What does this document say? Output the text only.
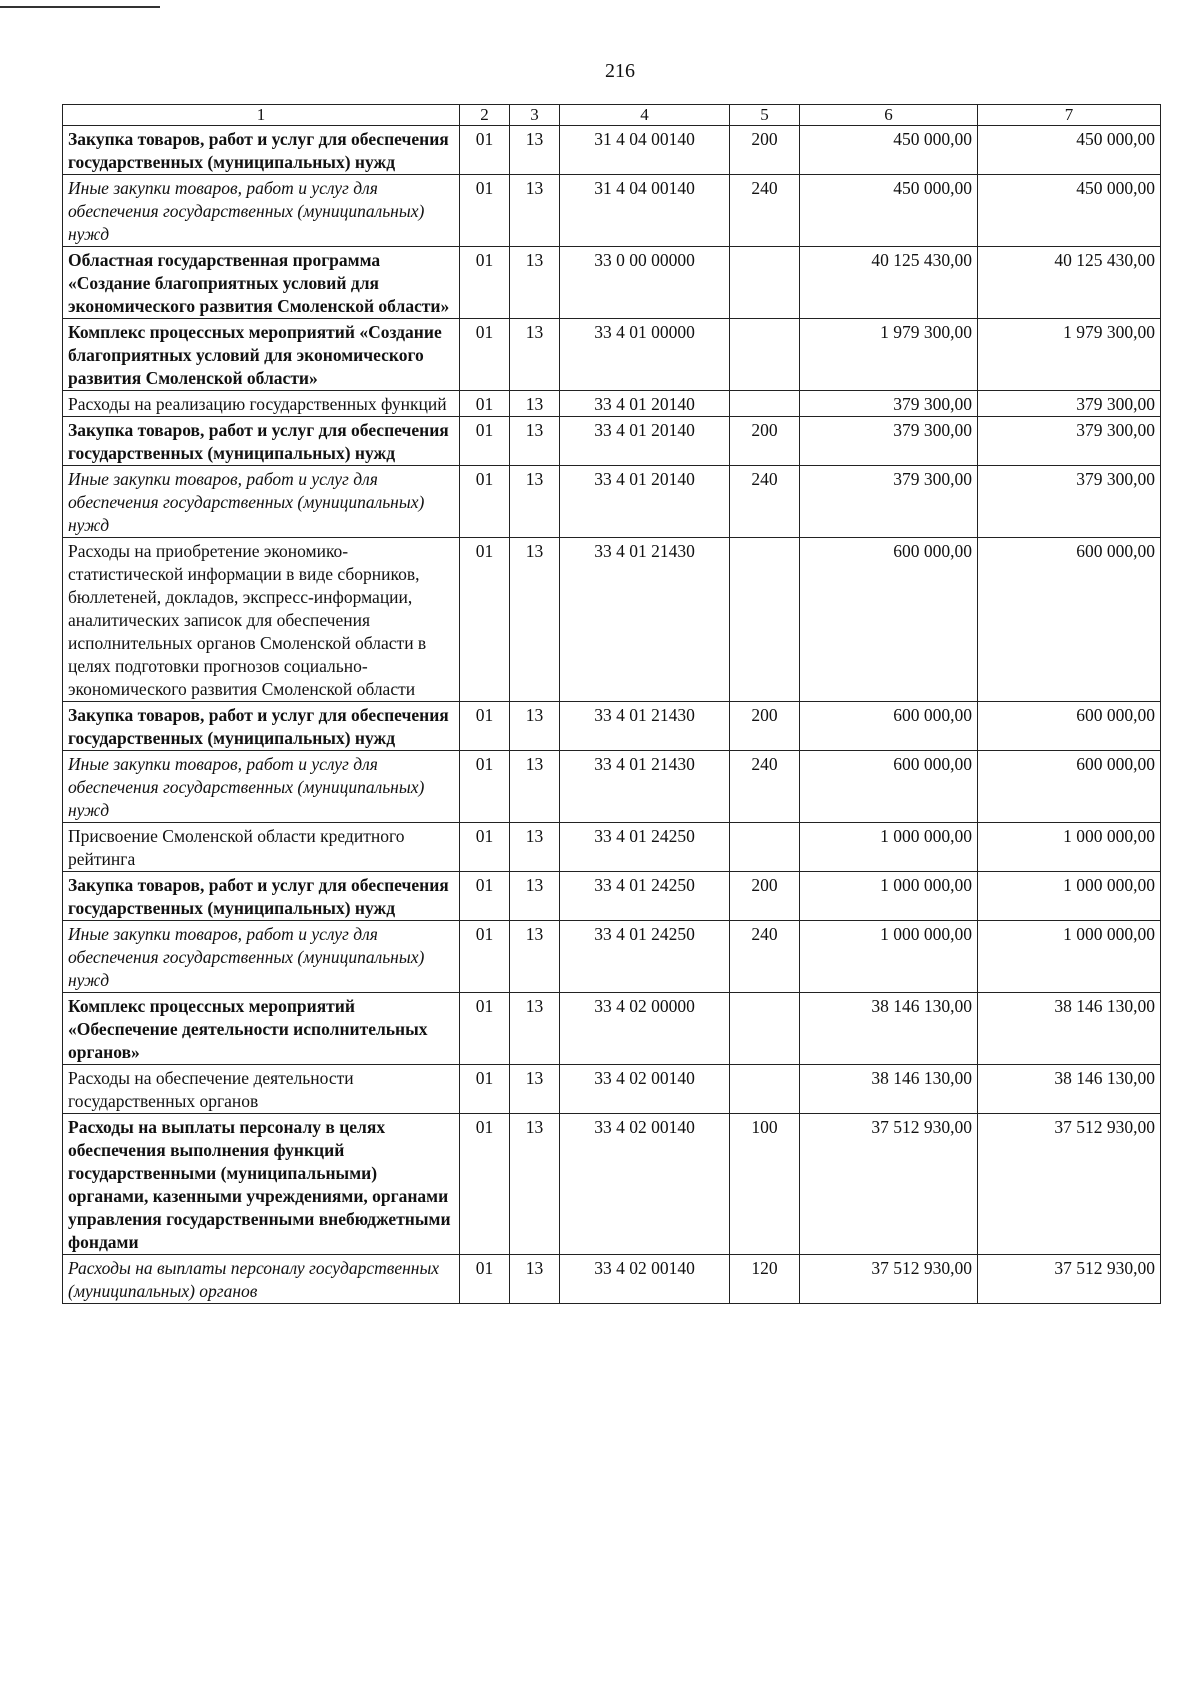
216
1	2	3	4	5	6	7
Закупка товаров, работ и услуг для обеспечения государственных (муниципальных) нужд	01	13	31 4 04 00140	200	450 000,00	450 000,00
Иные закупки товаров, работ и услуг для обеспечения государственных (муниципальных) нужд	01	13	31 4 04 00140	240	450 000,00	450 000,00
Областная государственная программа «Создание благоприятных условий для экономического развития Смоленской области»	01	13	33 0 00 00000		40 125 430,00	40 125 430,00
Комплекс процессных мероприятий «Создание благоприятных условий для экономического развития Смоленской области»	01	13	33 4 01 00000		1 979 300,00	1 979 300,00
Расходы на реализацию государственных функций	01	13	33 4 01 20140		379 300,00	379 300,00
Закупка товаров, работ и услуг для обеспечения государственных (муниципальных) нужд	01	13	33 4 01 20140	200	379 300,00	379 300,00
Иные закупки товаров, работ и услуг для обеспечения государственных (муниципальных) нужд	01	13	33 4 01 20140	240	379 300,00	379 300,00
Расходы на приобретение экономико-статистической информации в виде сборников, бюллетеней, докладов, экспресс-информации, аналитических записок для обеспечения исполнительных органов Смоленской области в целях подготовки прогнозов социально-экономического развития Смоленской области	01	13	33 4 01 21430		600 000,00	600 000,00
Закупка товаров, работ и услуг для обеспечения государственных (муниципальных) нужд	01	13	33 4 01 21430	200	600 000,00	600 000,00
Иные закупки товаров, работ и услуг для обеспечения государственных (муниципальных) нужд	01	13	33 4 01 21430	240	600 000,00	600 000,00
Присвоение Смоленской области кредитного рейтинга	01	13	33 4 01 24250		1 000 000,00	1 000 000,00
Закупка товаров, работ и услуг для обеспечения государственных (муниципальных) нужд	01	13	33 4 01 24250	200	1 000 000,00	1 000 000,00
Иные закупки товаров, работ и услуг для обеспечения государственных (муниципальных) нужд	01	13	33 4 01 24250	240	1 000 000,00	1 000 000,00
Комплекс процессных мероприятий «Обеспечение деятельности исполнительных органов»	01	13	33 4 02 00000		38 146 130,00	38 146 130,00
Расходы на обеспечение деятельности государственных органов	01	13	33 4 02 00140		38 146 130,00	38 146 130,00
Расходы на выплаты персоналу в целях обеспечения выполнения функций государственными (муниципальными) органами, казенными учреждениями, органами управления государственными внебюджетными фондами	01	13	33 4 02 00140	100	37 512 930,00	37 512 930,00
Расходы на выплаты персоналу государственных (муниципальных) органов	01	13	33 4 02 00140	120	37 512 930,00	37 512 930,00
